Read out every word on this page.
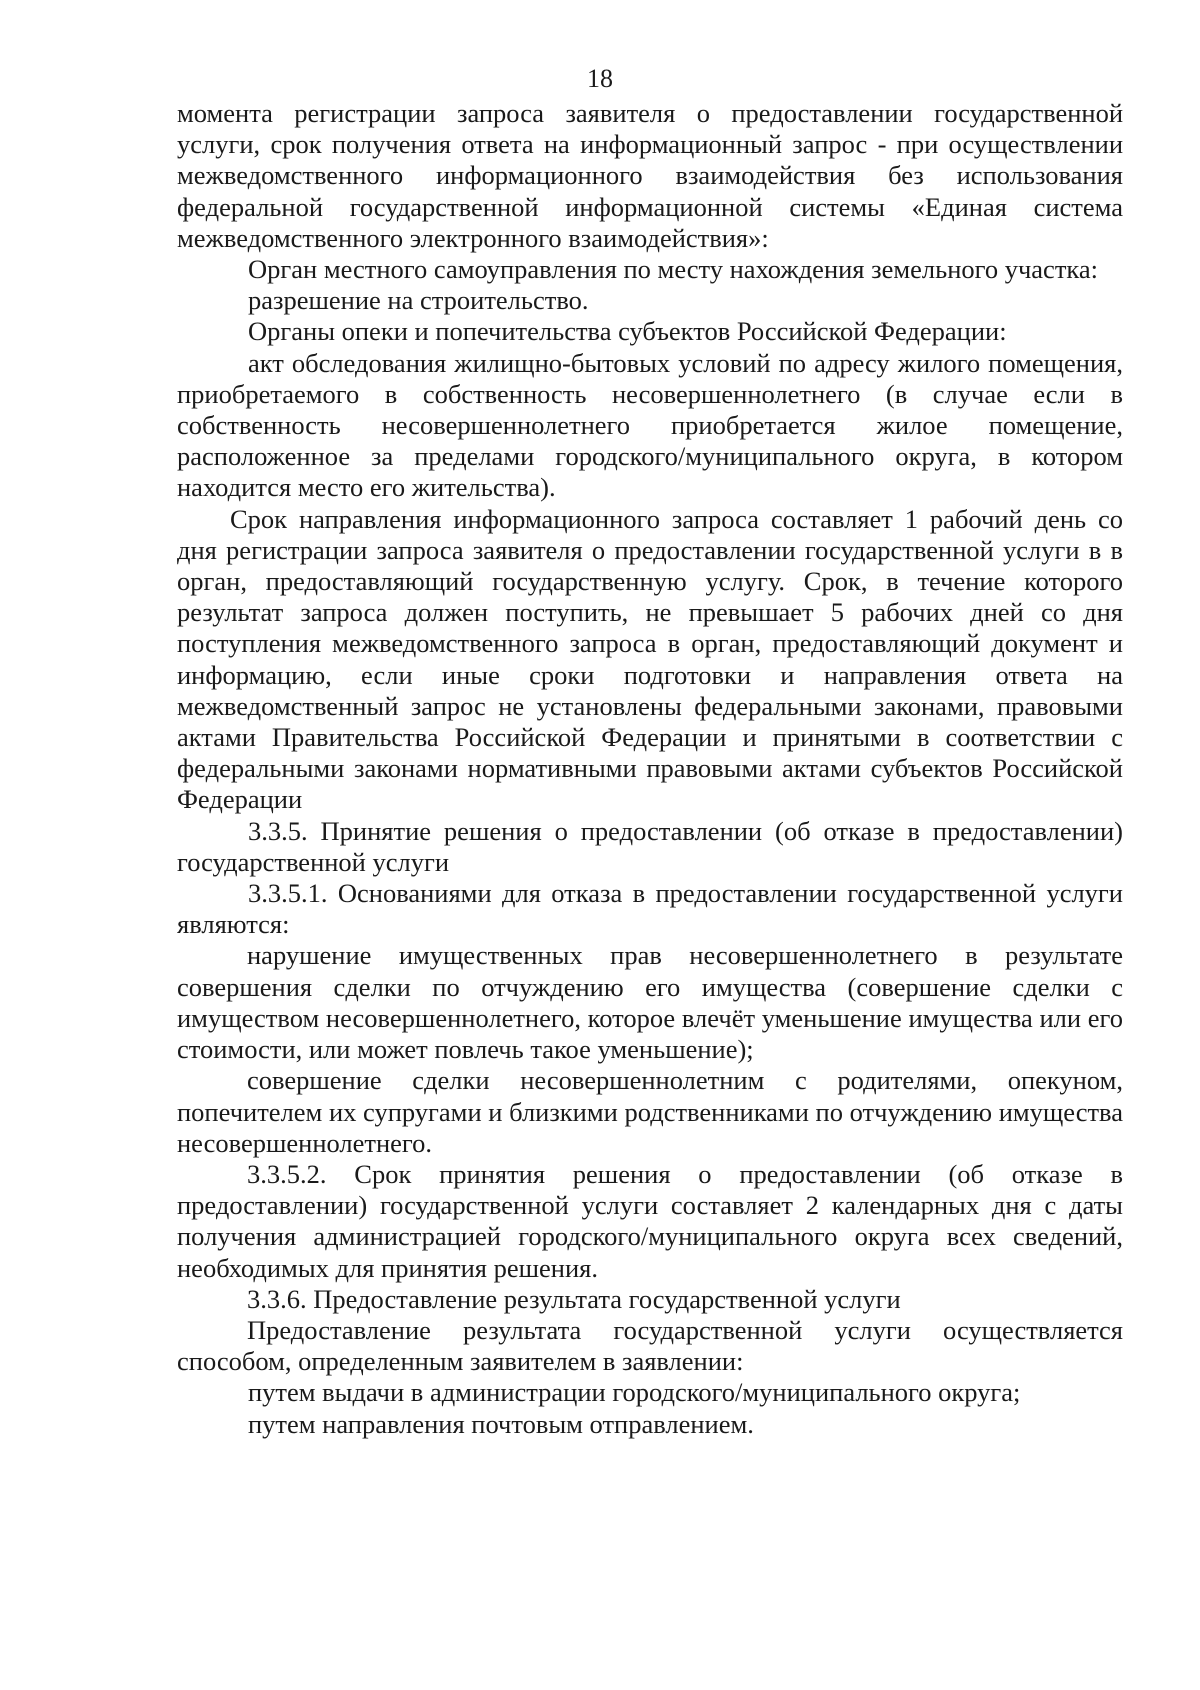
18

момента регистрации запроса заявителя о предоставлении государственной услуги, срок получения ответа на информационный запрос - при осуществлении межведомственного информационного взаимодействия без использования федеральной государственной информационной системы «Единая система межведомственного электронного взаимодействия»:

Орган местного самоуправления по месту нахождения земельного участка:

разрешение на строительство.

Органы опеки и попечительства субъектов Российской Федерации:

акт обследования жилищно-бытовых условий по адресу жилого помещения, приобретаемого в собственность несовершеннолетнего (в случае если в собственность несовершеннолетнего приобретается жилое помещение, расположенное за пределами городского/муниципального округа, в котором находится место его жительства).

Срок направления информационного запроса составляет 1 рабочий день со дня регистрации запроса заявителя о предоставлении государственной услуги в в орган, предоставляющий государственную услугу. Срок, в течение которого результат запроса должен поступить, не превышает 5 рабочих дней со дня поступления межведомственного запроса в орган, предоставляющий документ и информацию, если иные сроки подготовки и направления ответа на межведомственный запрос не установлены федеральными законами, правовыми актами Правительства Российской Федерации и принятыми в соответствии с федеральными законами нормативными правовыми актами субъектов Российской Федерации

3.3.5. Принятие решения о предоставлении (об отказе в предоставлении) государственной услуги

3.3.5.1. Основаниями для отказа в предоставлении государственной услуги являются:

нарушение имущественных прав несовершеннолетнего в результате совершения сделки по отчуждению его имущества (совершение сделки с имуществом несовершеннолетнего, которое влечёт уменьшение имущества или его стоимости, или может повлечь такое уменьшение);

совершение сделки несовершеннолетним с родителями, опекуном, попечителем их супругами и близкими родственниками по отчуждению имущества несовершеннолетнего.

3.3.5.2. Срок принятия решения о предоставлении (об отказе в предоставлении) государственной услуги составляет 2 календарных дня с даты получения администрацией городского/муниципального округа всех сведений, необходимых для принятия решения.

3.3.6. Предоставление результата государственной услуги

Предоставление результата государственной услуги осуществляется способом, определенным заявителем в заявлении:

путем выдачи в администрации городского/муниципального округа;

путем направления почтовым отправлением.
